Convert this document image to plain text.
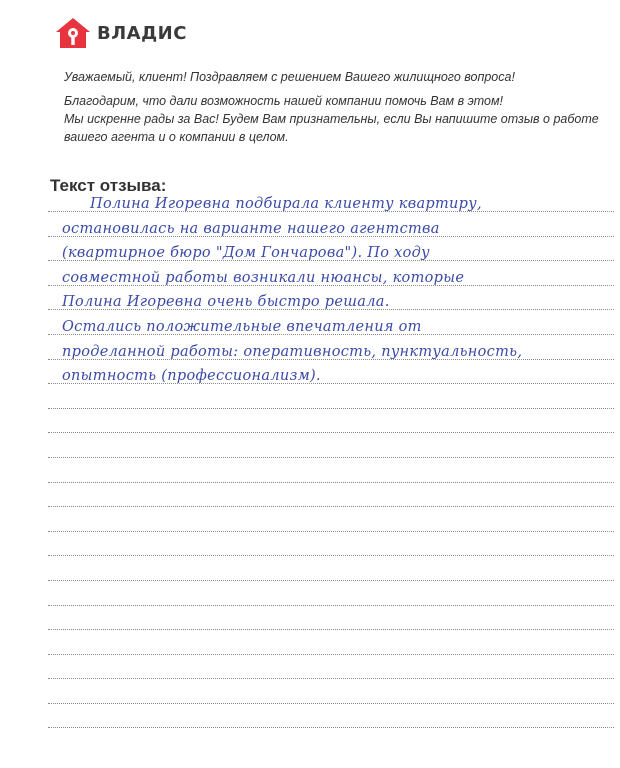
ВЛАДИС

Уважаемый, клиент! Поздравляем с решением Вашего жилищного вопроса!

Благодарим, что дали возможность нашей компании помочь Вам в этом!
Мы искренне рады за Вас! Будем Вам признательны, если Вы напишите отзыв о работе
вашего агента и о компании в целом.

Текст отзыва:
Полина Игоревна подбирала клиенту квартиру,
остановилась на варианте нашего агентства
(квартирное бюро "Дом Гончарова"). По ходу
совместной работы возникали нюансы, которые
Полина Игоревна очень быстро решала.
Остались положительные впечатления от
проделанной работы: оперативность, пунктуальность,
опытность (профессионализм).
